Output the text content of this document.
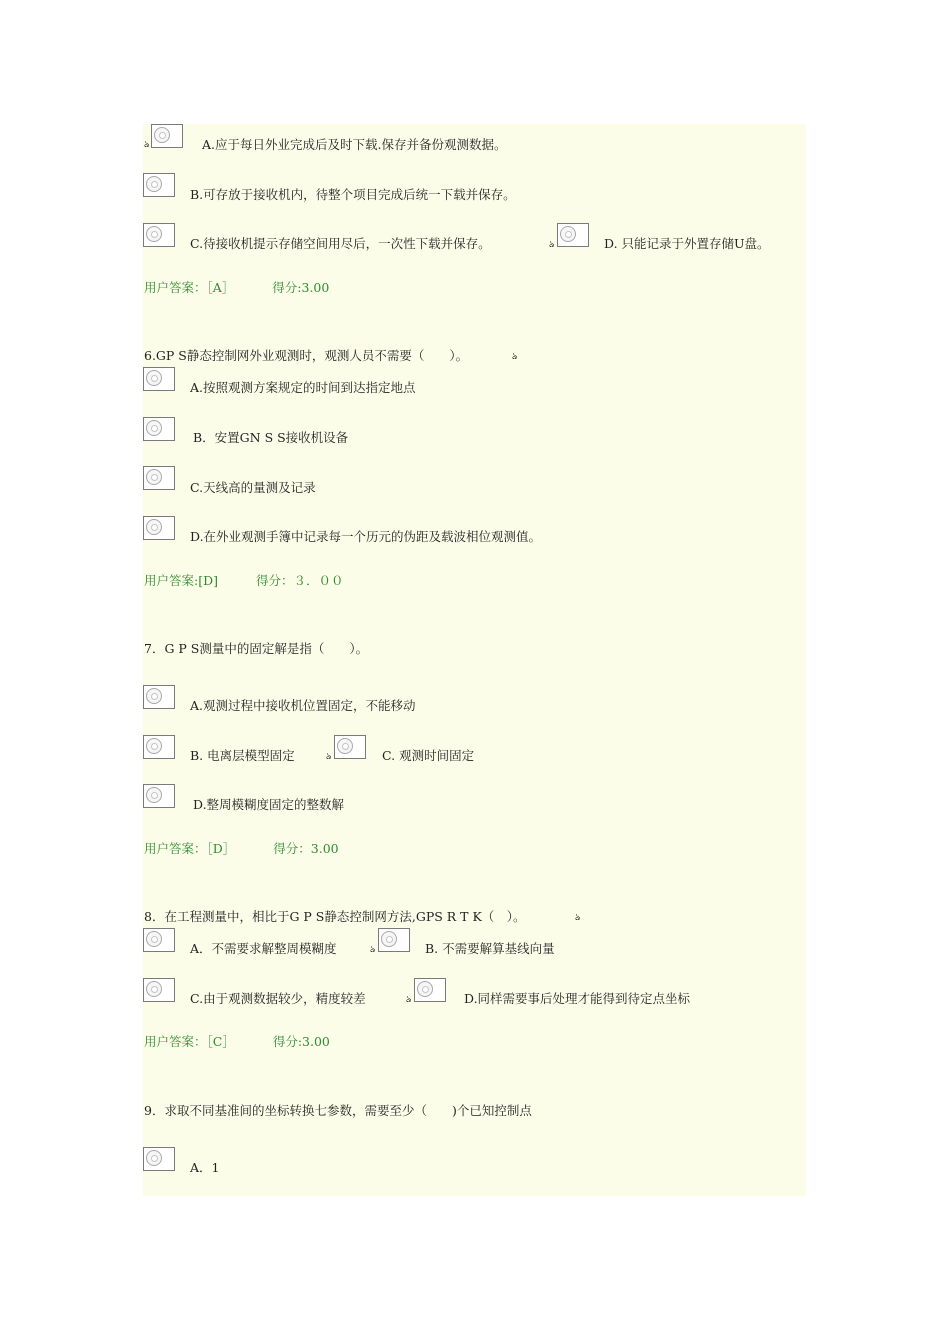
ঌ	A.应于每日外业完成后及时下载.保存并备份观测数据。
B.可存放于接收机内，待整个项目完成后统一下载并保存。
C.待接收机提示存储空间用尽后，一次性下载并保存。	ঌ	D. 只能记录于外置存储U盘。
用户答案：［A］	得分:3.00
6.GP S静态控制网外业观测时，观测人员不需要（　　）。	ঌ
A.按照观测方案规定的时间到达指定地点
B．安置GN S S接收机设备
C.天线高的量测及记录
D.在外业观测手簿中记录每一个历元的伪距及载波相位观测值。
用户答案:[D]	得分：３．００
7．G P S测量中的固定解是指（　　）。
A.观测过程中接收机位置固定，不能移动
B. 电离层模型固定	ঌ	C. 观测时间固定
D.整周模糊度固定的整数解
用户答案：［D］	得分：3.00
8．在工程测量中，相比于G P S静态控制网方法,GPS R T K（　）。	ঌ
A．不需要求解整周模糊度	ঌ	B. 不需要解算基线向量
C.由于观测数据较少，精度较差	ঌ	D.同样需要事后处理才能得到待定点坐标
用户答案：［C］	得分:3.00
9．求取不同基准间的坐标转换七参数，需要至少（　　)个已知控制点
A．1
